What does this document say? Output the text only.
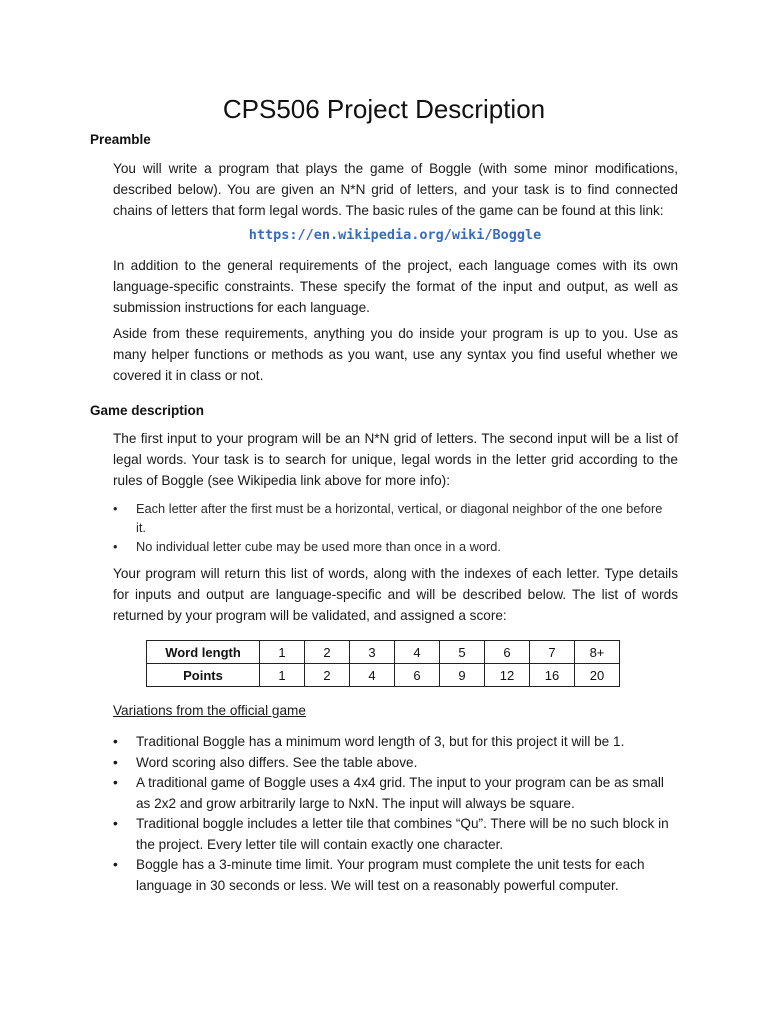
CPS506 Project Description
Preamble
You will write a program that plays the game of Boggle (with some minor modifications, described below). You are given an N*N grid of letters, and your task is to find connected chains of letters that form legal words. The basic rules of the game can be found at this link:
https://en.wikipedia.org/wiki/Boggle
In addition to the general requirements of the project, each language comes with its own language-specific constraints. These specify the format of the input and output, as well as submission instructions for each language.
Aside from these requirements, anything you do inside your program is up to you. Use as many helper functions or methods as you want, use any syntax you find useful whether we covered it in class or not.
Game description
The first input to your program will be an N*N grid of letters. The second input will be a list of legal words. Your task is to search for unique, legal words in the letter grid according to the rules of Boggle (see Wikipedia link above for more info):
• Each letter after the first must be a horizontal, vertical, or diagonal neighbor of the one before it.
• No individual letter cube may be used more than once in a word.
Your program will return this list of words, along with the indexes of each letter. Type details for inputs and output are language-specific and will be described below. The list of words returned by your program will be validated, and assigned a score:
Word length	1	2	3	4	5	6	7	8+
Points	1	2	4	6	9	12	16	20
Variations from the official game
• Traditional Boggle has a minimum word length of 3, but for this project it will be 1.
• Word scoring also differs. See the table above.
• A traditional game of Boggle uses a 4x4 grid. The input to your program can be as small as 2x2 and grow arbitrarily large to NxN. The input will always be square.
• Traditional boggle includes a letter tile that combines “Qu”. There will be no such block in the project. Every letter tile will contain exactly one character.
• Boggle has a 3-minute time limit. Your program must complete the unit tests for each language in 30 seconds or less. We will test on a reasonably powerful computer.
